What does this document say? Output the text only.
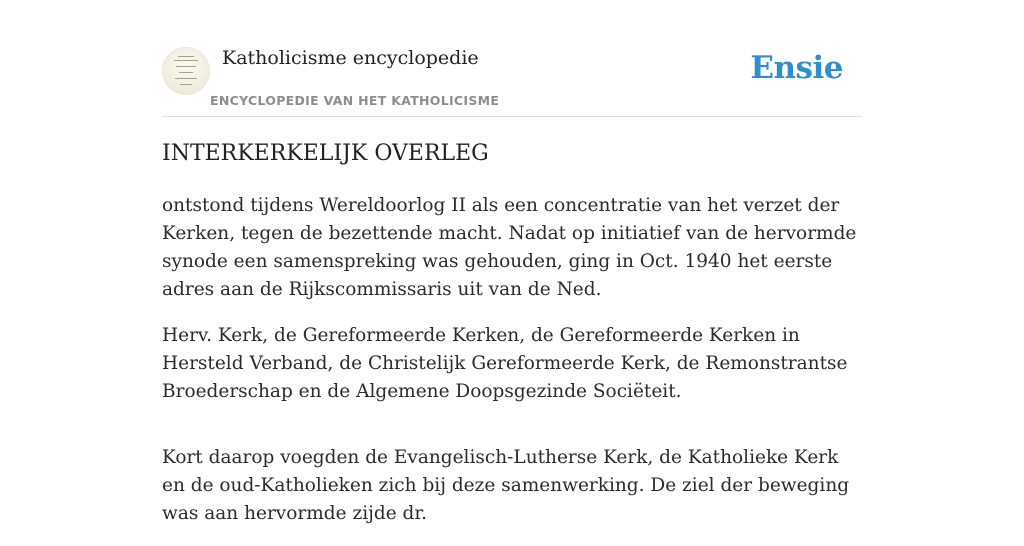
Katholicisme encyclopedie
ENCYCLOPEDIE VAN HET KATHOLICISME
Ensie
INTERKERKELIJK OVERLEG

ontstond tijdens Wereldoorlog II als een concentratie van het verzet der Kerken, tegen de bezettende macht. Nadat op initiatief van de hervormde synode een samenspreking was gehouden, ging in Oct. 1940 het eerste adres aan de Rijkscommissaris uit van de Ned.

Herv. Kerk, de Gereformeerde Kerken, de Gereformeerde Kerken in Hersteld Verband, de Christelijk Gereformeerde Kerk, de Remonstrantse Broederschap en de Algemene Doopsgezinde Sociëteit.

Kort daarop voegden de Evangelisch-Lutherse Kerk, de Katholieke Kerk en de oud-Katholieken zich bij deze samenwerking. De ziel der beweging was aan hervormde zijde dr.
